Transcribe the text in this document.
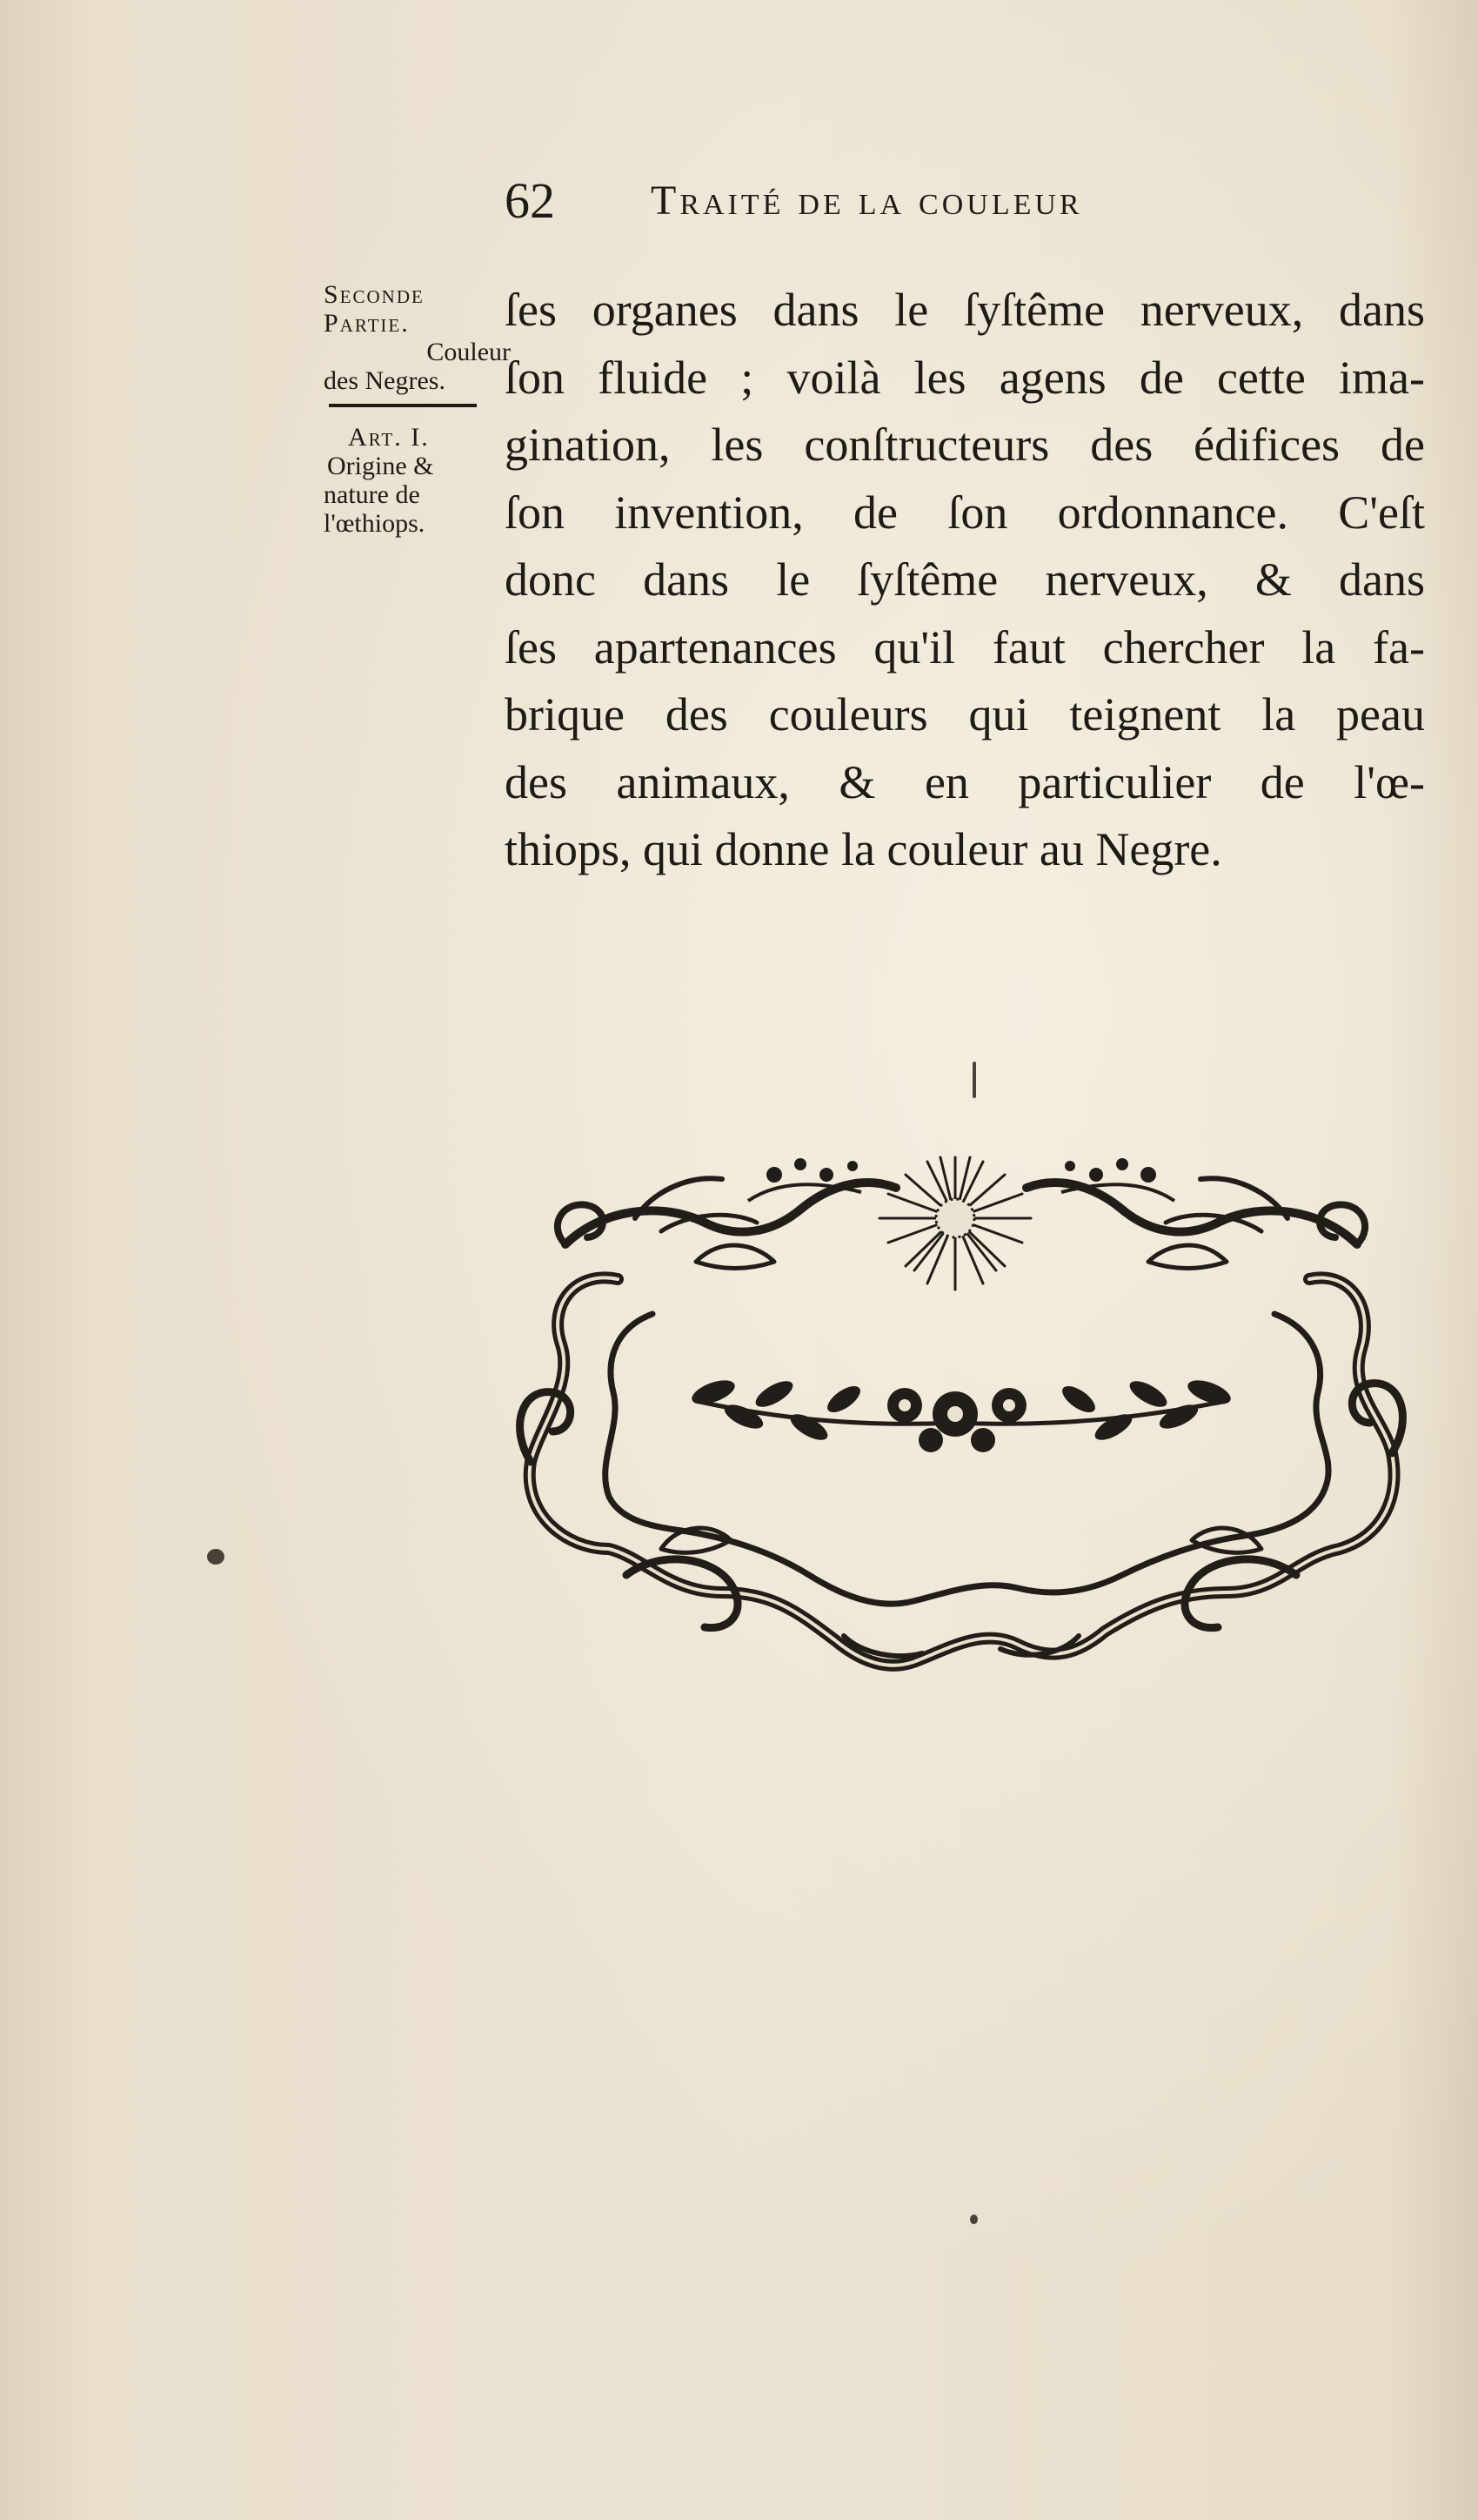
62 Traité de la couleur
Seconde
Partie.
Couleur
des Negres.
Art. I.
Origine &
nature de
l'œthiops.
ſes organes dans le ſyſtême nerveux, dans
ſon fluide ; voilà les agens de cette ima-
gination, les conſtructeurs des édifices de
ſon invention, de ſon ordonnance. C'eſt
donc dans le ſyſtême nerveux, & dans
ſes apartenances qu'il faut chercher la fa-
brique des couleurs qui teignent la peau
des animaux, & en particulier de l'œ-
thiops, qui donne la couleur au Negre.
